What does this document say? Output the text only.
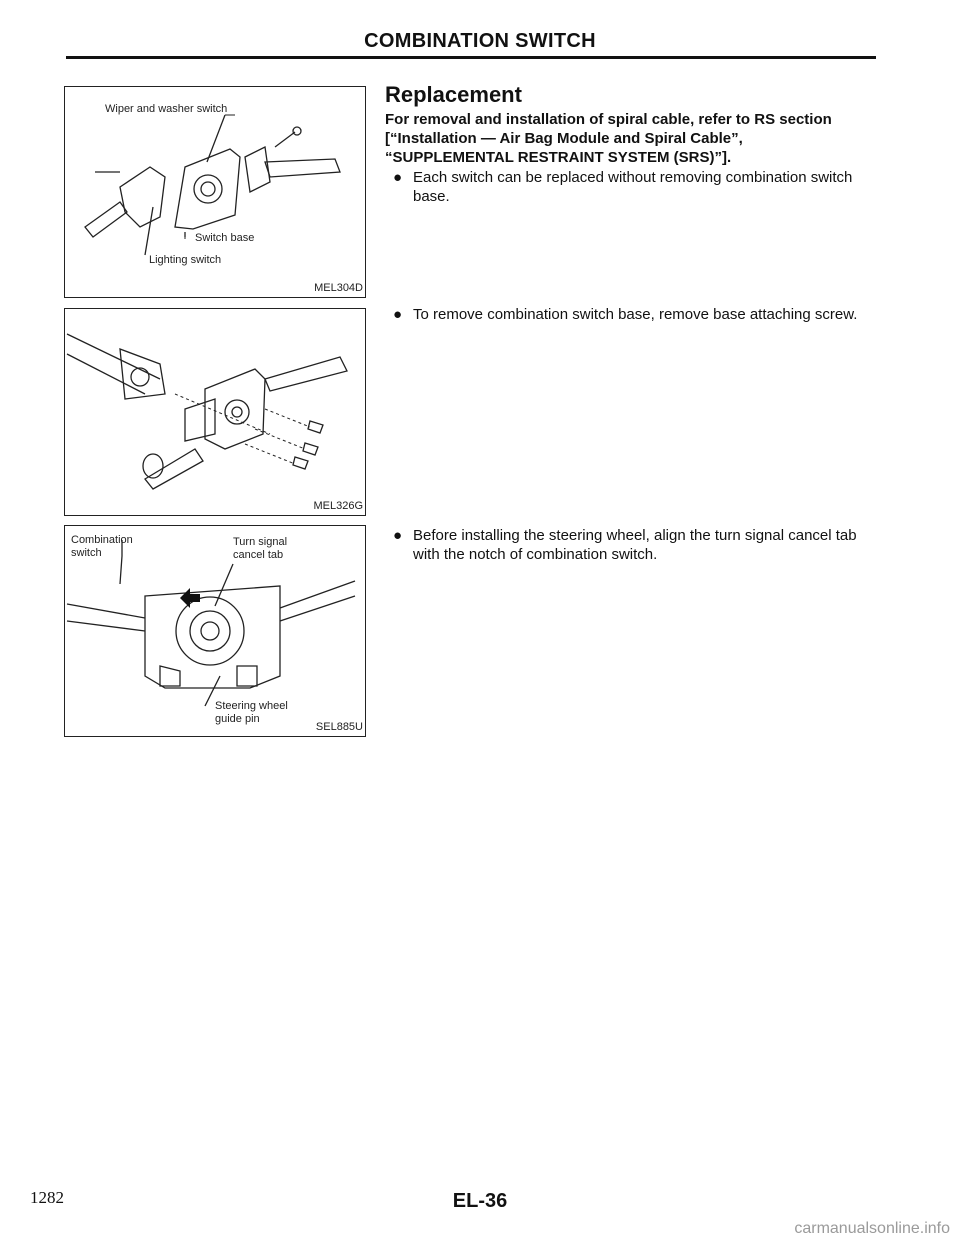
COMBINATION SWITCH
Wiper and washer switch
Switch base
Lighting switch
MEL304D
MEL326G
Combination switch
Turn signal cancel tab
Steering wheel guide pin
SEL885U
Replacement
For removal and installation of spiral cable, refer to RS section [“Installation — Air Bag Module and Spiral Cable”, “SUPPLEMENTAL RESTRAINT SYSTEM (SRS)”].
● Each switch can be replaced without removing combination switch base.
● To remove combination switch base, remove base attaching screw.
● Before installing the steering wheel, align the turn signal cancel tab with the notch of combination switch.
1282	EL-36
carmanualsonline.info
